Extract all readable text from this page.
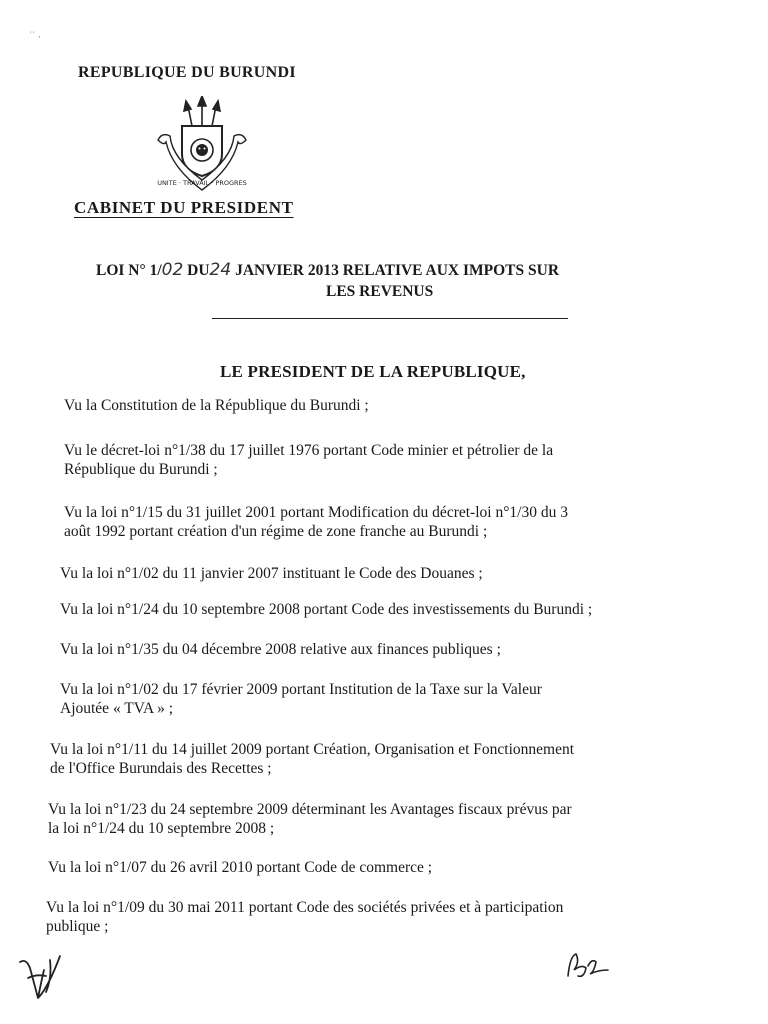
ʹʹ ,
REPUBLIQUE DU BURUNDI
UNITE · TRAVAIL · PROGRES
CABINET DU PRESIDENT
LOI N° 1/02 DU24 JANVIER 2013 RELATIVE AUX IMPOTS SUR
LES REVENUS
LE PRESIDENT DE LA REPUBLIQUE,
Vu la Constitution de la République du Burundi ;
Vu le décret-loi n°1/38 du 17 juillet 1976 portant Code minier et pétrolier de la
République du Burundi ;
Vu la loi n°1/15 du 31 juillet 2001 portant Modification du décret-loi n°1/30 du 3
août 1992 portant création d'un régime de zone franche au Burundi ;
Vu la loi n°1/02 du 11 janvier 2007 instituant le Code des Douanes ;
Vu la loi n°1/24 du 10 septembre 2008 portant Code des investissements du Burundi ;
Vu la loi n°1/35 du 04 décembre 2008 relative aux finances publiques ;
Vu la loi n°1/02 du 17 février 2009 portant Institution de la Taxe sur la Valeur
Ajoutée « TVA » ;
Vu la loi n°1/11 du 14 juillet 2009 portant Création, Organisation et Fonctionnement
de l'Office Burundais des Recettes ;
Vu la loi n°1/23 du 24 septembre 2009 déterminant les Avantages fiscaux prévus par
la loi n°1/24 du 10 septembre 2008 ;
Vu la loi n°1/07 du 26 avril 2010 portant Code de commerce ;
Vu la loi n°1/09 du 30 mai 2011 portant Code des sociétés privées et à participation
publique ;
